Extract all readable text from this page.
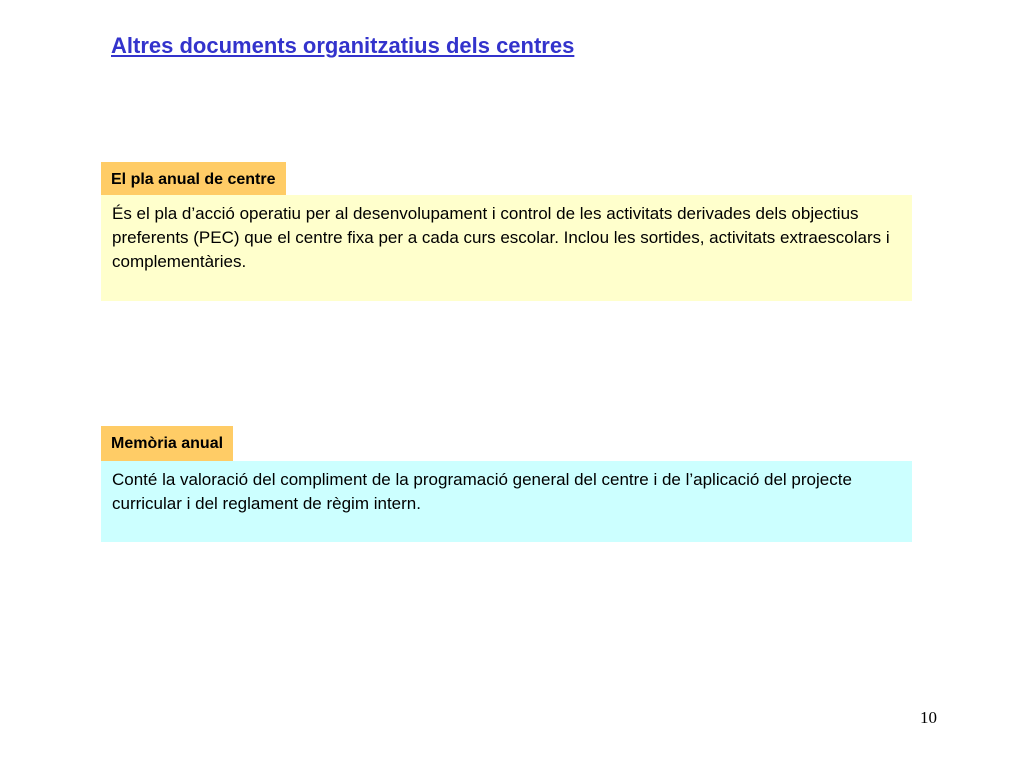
Altres documents organitzatius dels centres
El pla anual de centre
És el pla d’acció operatiu per al desenvolupament i control de les activitats derivades dels objectius preferents (PEC) que el centre fixa per a cada curs escolar. Inclou les sortides, activitats extraescolars i complementàries.
Memòria anual
Conté la valoració del compliment de la programació general del centre i de l’aplicació del projecte curricular i del reglament de règim intern.
10
